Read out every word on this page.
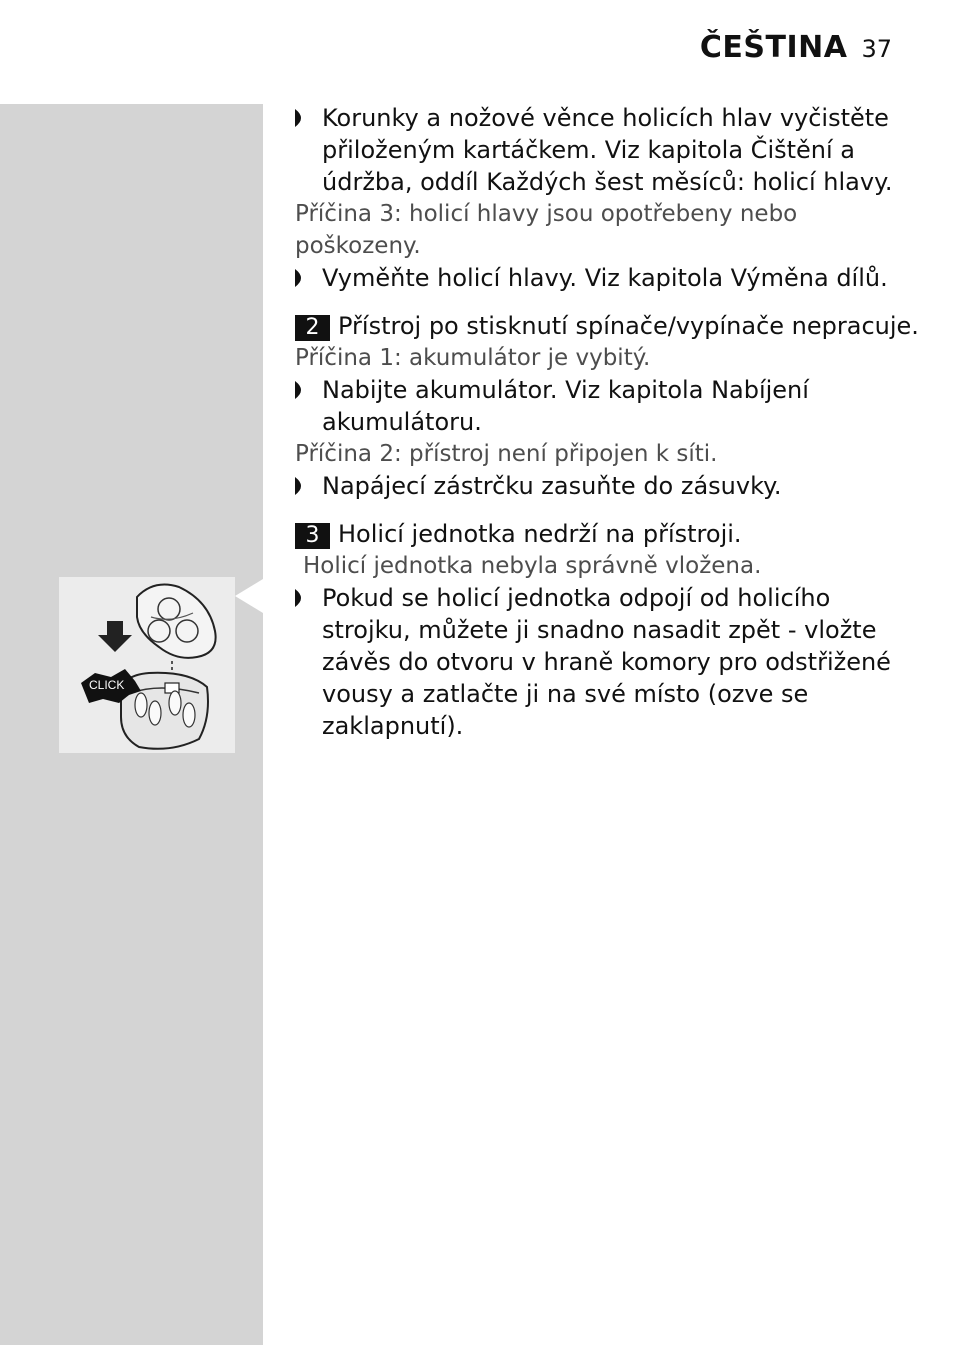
ČEŠTINA 37
CLICK
Korunky a nožové věnce holicích hlav vyčistěte přiloženým kartáčkem. Viz kapitola Čištění a údržba, oddíl Každých šest měsíců: holicí hlavy.
Příčina 3: holicí hlavy jsou opotřebeny nebo poškozeny.
Vyměňte holicí hlavy. Viz kapitola Výměna dílů.
2 Přístroj po stisknutí spínače/vypínače nepracuje.
Příčina 1: akumulátor je vybitý.
Nabijte akumulátor. Viz kapitola Nabíjení akumulátoru.
Příčina 2: přístroj není připojen k síti.
Napájecí zástrčku zasuňte do zásuvky.
3 Holicí jednotka nedrží na přístroji.
Holicí jednotka nebyla správně vložena.
Pokud se holicí jednotka odpojí od holicího strojku, můžete ji snadno nasadit zpět - vložte závěs do otvoru v hraně komory pro odstřižené vousy a zatlačte ji na své místo (ozve se zaklapnutí).
